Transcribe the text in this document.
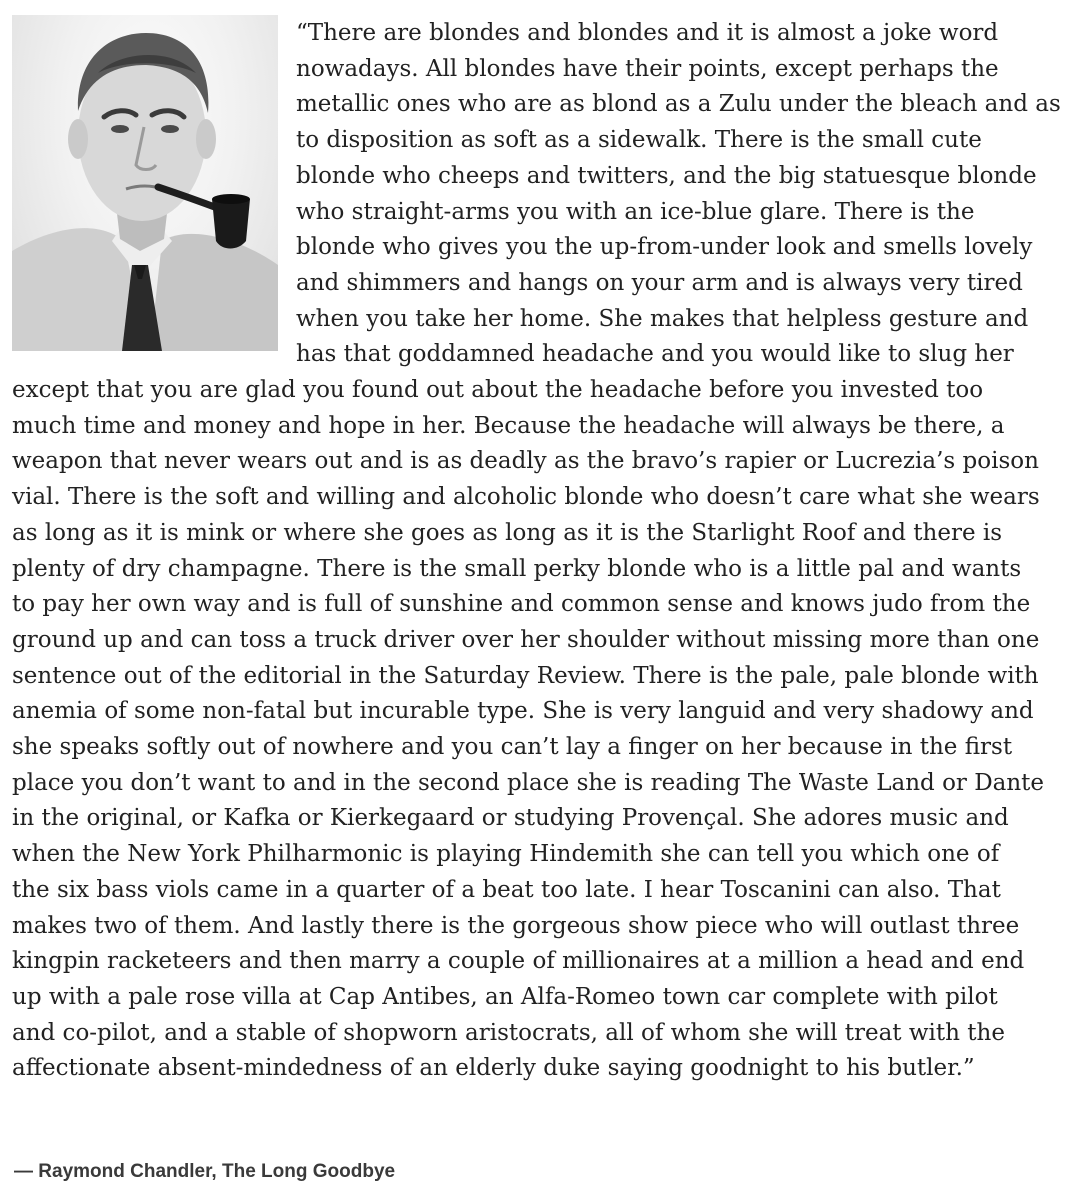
“There are blondes and blondes and it is almost a joke word
nowadays. All blondes have their points, except perhaps the
metallic ones who are as blond as a Zulu under the bleach and as
to disposition as soft as a sidewalk. There is the small cute
blonde who cheeps and twitters, and the big statuesque blonde
who straight-arms you with an ice-blue glare. There is the
blonde who gives you the up-from-under look and smells lovely
and shimmers and hangs on your arm and is always very tired
when you take her home. She makes that helpless gesture and
has that goddamned headache and you would like to slug her
except that you are glad you found out about the headache before you invested too
much time and money and hope in her. Because the headache will always be there, a
weapon that never wears out and is as deadly as the bravo’s rapier or Lucrezia’s poison
vial. There is the soft and willing and alcoholic blonde who doesn’t care what she wears
as long as it is mink or where she goes as long as it is the Starlight Roof and there is
plenty of dry champagne. There is the small perky blonde who is a little pal and wants
to pay her own way and is full of sunshine and common sense and knows judo from the
ground up and can toss a truck driver over her shoulder without missing more than one
sentence out of the editorial in the Saturday Review. There is the pale, pale blonde with
anemia of some non-fatal but incurable type. She is very languid and very shadowy and
she speaks softly out of nowhere and you can’t lay a finger on her because in the first
place you don’t want to and in the second place she is reading The Waste Land or Dante
in the original, or Kafka or Kierkegaard or studying Provençal. She adores music and
when the New York Philharmonic is playing Hindemith she can tell you which one of
the six bass viols came in a quarter of a beat too late. I hear Toscanini can also. That
makes two of them. And lastly there is the gorgeous show piece who will outlast three
kingpin racketeers and then marry a couple of millionaires at a million a head and end
up with a pale rose villa at Cap Antibes, an Alfa-Romeo town car complete with pilot
and co-pilot, and a stable of shopworn aristocrats, all of whom she will treat with the
affectionate absent-mindedness of an elderly duke saying goodnight to his butler.”
— Raymond Chandler, The Long Goodbye
